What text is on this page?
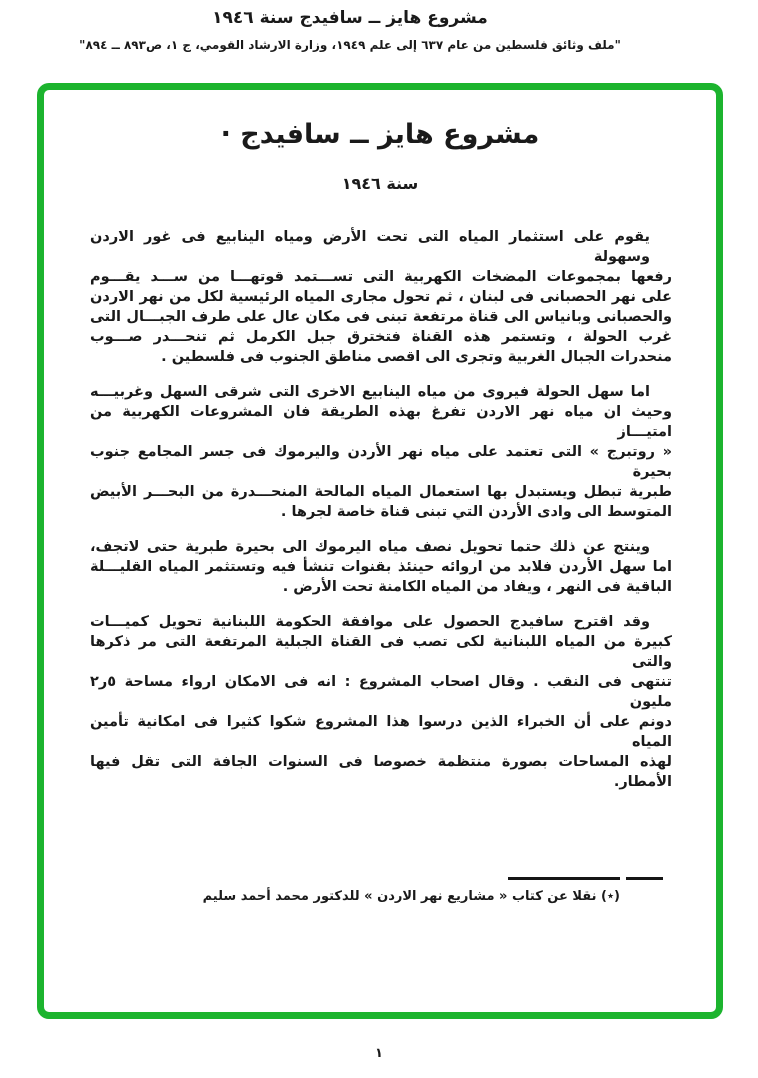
مشروع هايز ــ سافيدج سنة ١٩٤٦
"ملف وثائق فلسطين من عام ٦٣٧ إلى علم ١٩٤٩، وزارة الارشاد القومي، ج ١، ص٨٩٣ ــ ٨٩٤"
مشروع هايز ــ سافيدج ·
سنة ١٩٤٦
يقوم على استثمار المياه التى تحت الأرض ومياه الينابيع فى غور الاردن وسهولة
رفعها بمجموعات المضخات الكهربية التى تســـتمد قوتهـــا من ســـد يقـــوم
على نهر الحصبانى فى لبنان ، ثم تحول مجارى المياه الرئيسية لكل من نهر الاردن
والحصبانى وبانياس الى قناة مرتفعة تبنى فى مكان عال على طرف الجبـــال التى
غرب الحولة ، وتستمر هذه القناة فتخترق جبل الكرمل ثم تنحـــدر صـــوب
منحدرات الجبال الغربية وتجرى الى اقصى مناطق الجنوب فى فلسطين .
اما سهل الحولة فيروى من مياه الينابيع الاخرى التى شرقى السهل وغربيـــه
وحيث ان مياه نهر الاردن تفرغ بهذه الطريقة فان المشروعات الكهربية من امتيـــاز
« روتبرج » التى تعتمد على مياه نهر الأردن واليرموك فى جسر المجامع جنوب بحيرة
طبرية تبطل ويستبدل بها استعمال المياه المالحة المنحـــدرة من البحـــر الأبيض
المتوسط الى وادى الأردن التي تبنى قناة خاصة لجرها .
وينتج عن ذلك حتما تحويل نصف مياه اليرموك الى بحيرة طبرية حتى لاتجف،
اما سهل الأردن فلابد من اروائه حينئذ بقنوات تنشأ فيه وتستثمر المياه القليـــلة
الباقية فى النهر ، ويفاد من المياه الكامنة تحت الأرض .
وقد اقترح سافيدج الحصول على موافقة الحكومة اللبنانية تحويل كميـــات
كبيرة من المياه اللبنانية لكى تصب فى القناة الجبلية المرتفعة التى مر ذكرها والتى
تنتهى فى النقب . وقال اصحاب المشروع : انه فى الامكان ارواء مساحة ٥ر٢ مليون
دونم على أن الخبراء الذين درسوا هذا المشروع شكوا كثيرا فى امكانية تأمين المياه
لهذه المساحات بصورة منتظمة خصوصا فى السنوات الجافة التى تقل فيها الأمطار.
(٭) نقلا عن كتاب « مشاريع نهر الاردن » للدكتور محمد أحمد سليم
١
